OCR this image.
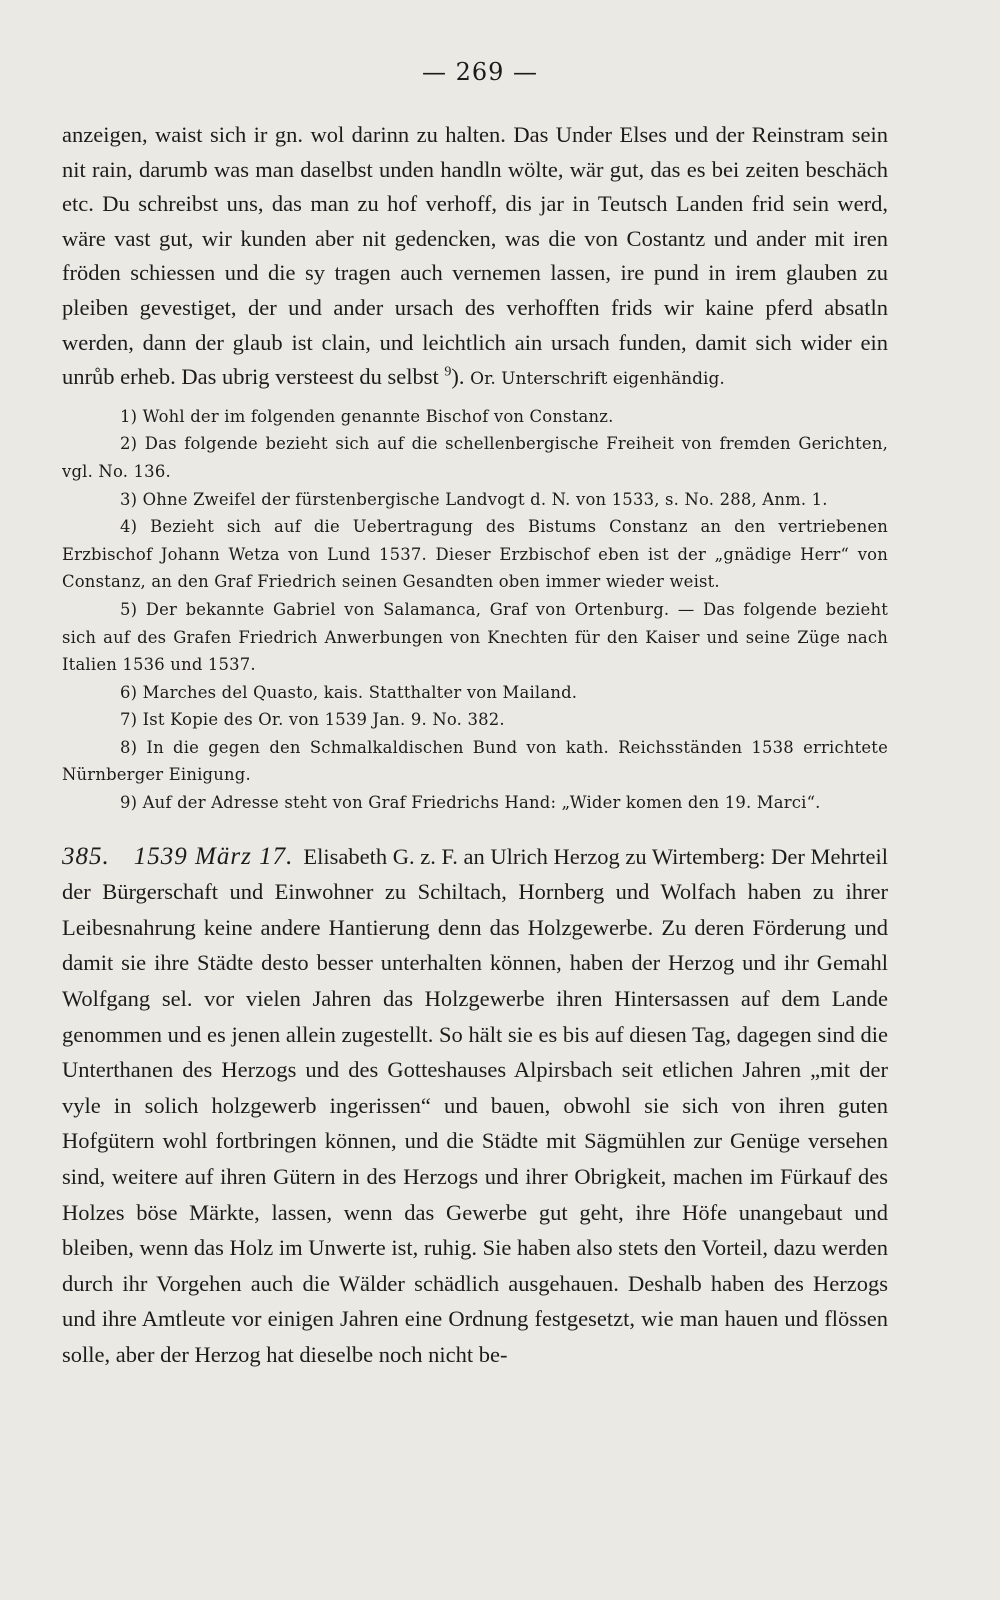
— 269 —

anzeigen, waist sich ir gn. wol darinn zu halten. Das Under Elses und der Reinstram sein nit rain, darumb was man daselbst unden handln wölte, wär gut, das es bei zeiten beschäch etc. Du schreibst uns, das man zu hof verhoff, dis jar in Teutsch Landen frid sein werd, wäre vast gut, wir kunden aber nit gedencken, was die von Costantz und ander mit iren fröden schiessen und die sy tragen auch vernemen lassen, ire pund in irem glauben zu pleiben gevestiget, der und ander ursach des verhofften frids wir kaine pferd absatln werden, dann der glaub ist clain, und leichtlich ain ursach funden, damit sich wider ein unrůb erheb. Das ubrig versteest du selbst $^9$). Or. Unterschrift eigenhändig.

1) Wohl der im folgenden genannte Bischof von Constanz.

2) Das folgende bezieht sich auf die schellenbergische Freiheit von fremden Gerichten, vgl. No. 136.

3) Ohne Zweifel der fürstenbergische Landvogt d. N. von 1533, s. No. 288, Anm. 1.

4) Bezieht sich auf die Uebertragung des Bistums Constanz an den vertriebenen Erzbischof Johann Wetza von Lund 1537. Dieser Erzbischof eben ist der „gnädige Herr“ von Constanz, an den Graf Friedrich seinen Gesandten oben immer wieder weist.

5) Der bekannte Gabriel von Salamanca, Graf von Ortenburg. — Das folgende bezieht sich auf des Grafen Friedrich Anwerbungen von Knechten für den Kaiser und seine Züge nach Italien 1536 und 1537.

6) Marches del Quasto, kais. Statthalter von Mailand.

7) Ist Kopie des Or. von 1539 Jan. 9. No. 382.

8) In die gegen den Schmalkaldischen Bund von kath. Reichsständen 1538 errichtete Nürnberger Einigung.

9) Auf der Adresse steht von Graf Friedrichs Hand: „Wider komen den 19. Marci“.

385. 1539 März 17. Elisabeth G. z. F. an Ulrich Herzog zu Wirtemberg: Der Mehrteil der Bürgerschaft und Einwohner zu Schiltach, Hornberg und Wolfach haben zu ihrer Leibesnahrung keine andere Hantierung denn das Holzgewerbe. Zu deren Förderung und damit sie ihre Städte desto besser unterhalten können, haben der Herzog und ihr Gemahl Wolfgang sel. vor vielen Jahren das Holzgewerbe ihren Hintersassen auf dem Lande genommen und es jenen allein zugestellt. So hält sie es bis auf diesen Tag, dagegen sind die Unterthanen des Herzogs und des Gotteshauses Alpirsbach seit etlichen Jahren „mit der vyle in solich holzgewerb ingerissen“ und bauen, obwohl sie sich von ihren guten Hofgütern wohl fortbringen können, und die Städte mit Sägmühlen zur Genüge versehen sind, weitere auf ihren Gütern in des Herzogs und ihrer Obrigkeit, machen im Fürkauf des Holzes böse Märkte, lassen, wenn das Gewerbe gut geht, ihre Höfe unangebaut und bleiben, wenn das Holz im Unwerte ist, ruhig. Sie haben also stets den Vorteil, dazu werden durch ihr Vorgehen auch die Wälder schädlich ausgehauen. Deshalb haben des Herzogs und ihre Amtleute vor einigen Jahren eine Ordnung festgesetzt, wie man hauen und flössen solle, aber der Herzog hat dieselbe noch nicht be-
